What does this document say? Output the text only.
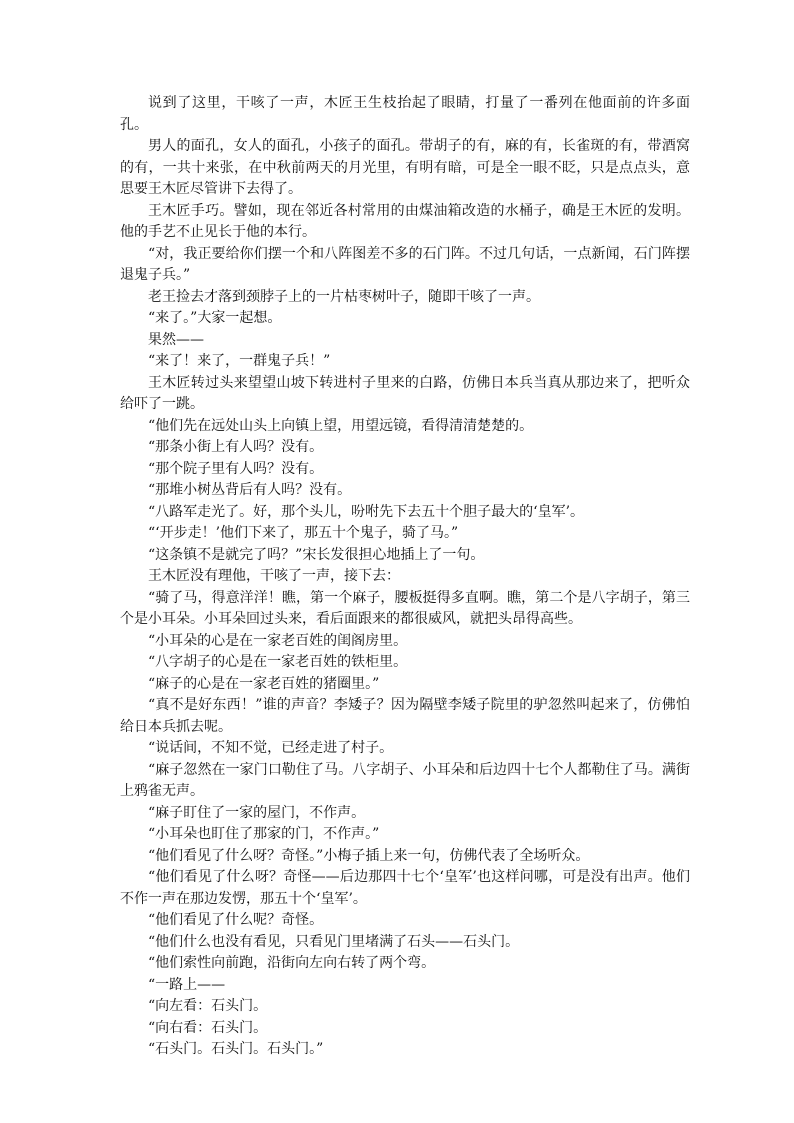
说到了这里，干咳了一声，木匠王生枝抬起了眼睛，打量了一番列在他面前的许多面孔。

男人的面孔，女人的面孔，小孩子的面孔。带胡子的有，麻的有，长雀斑的有，带酒窝的有，一共十来张，在中秋前两天的月光里，有明有暗，可是全一眼不眨，只是点点头，意思要王木匠尽管讲下去得了。

王木匠手巧。譬如，现在邻近各村常用的由煤油箱改造的水桶子，确是王木匠的发明。他的手艺不止见长于他的本行。

“对，我正要给你们摆一个和八阵图差不多的石门阵。不过几句话，一点新闻，石门阵摆退鬼子兵。”

老王捡去才落到颈脖子上的一片枯枣树叶子，随即干咳了一声。

“来了。”大家一起想。

果然——

“来了！来了，一群鬼子兵！”

王木匠转过头来望望山坡下转进村子里来的白路，仿佛日本兵当真从那边来了，把听众给吓了一跳。

“他们先在远处山头上向镇上望，用望远镜，看得清清楚楚的。

“那条小街上有人吗？没有。

“那个院子里有人吗？没有。

“那堆小树丛背后有人吗？没有。

“八路军走光了。好，那个头儿，吩咐先下去五十个胆子最大的‘皇军’。

“‘开步走！’他们下来了，那五十个鬼子，骑了马。”

“这条镇不是就完了吗？”宋长发很担心地插上了一句。

王木匠没有理他，干咳了一声，接下去：

“骑了马，得意洋洋！瞧，第一个麻子，腰板挺得多直啊。瞧，第二个是八字胡子，第三个是小耳朵。小耳朵回过头来，看后面跟来的都很威风，就把头昂得高些。

“小耳朵的心是在一家老百姓的闺阁房里。

“八字胡子的心是在一家老百姓的铁柜里。

“麻子的心是在一家老百姓的猪圈里。”

“真不是好东西！”谁的声音？李矮子？因为隔壁李矮子院里的驴忽然叫起来了，仿佛怕给日本兵抓去呢。

“说话间，不知不觉，已经走进了村子。

“麻子忽然在一家门口勒住了马。八字胡子、小耳朵和后边四十七个人都勒住了马。满街上鸦雀无声。

“麻子盯住了一家的屋门，不作声。

“小耳朵也盯住了那家的门，不作声。”

“他们看见了什么呀？奇怪。”小梅子插上来一句，仿佛代表了全场听众。

“他们看见了什么呀？奇怪——后边那四十七个‘皇军’也这样问哪，可是没有出声。他们不作一声在那边发愣，那五十个‘皇军’。

“他们看见了什么呢？奇怪。

“他们什么也没有看见，只看见门里堵满了石头——石头门。

“他们索性向前跑，沿街向左向右转了两个弯。

“一路上——

“向左看：石头门。

“向右看：石头门。

“石头门。石头门。石头门。”
